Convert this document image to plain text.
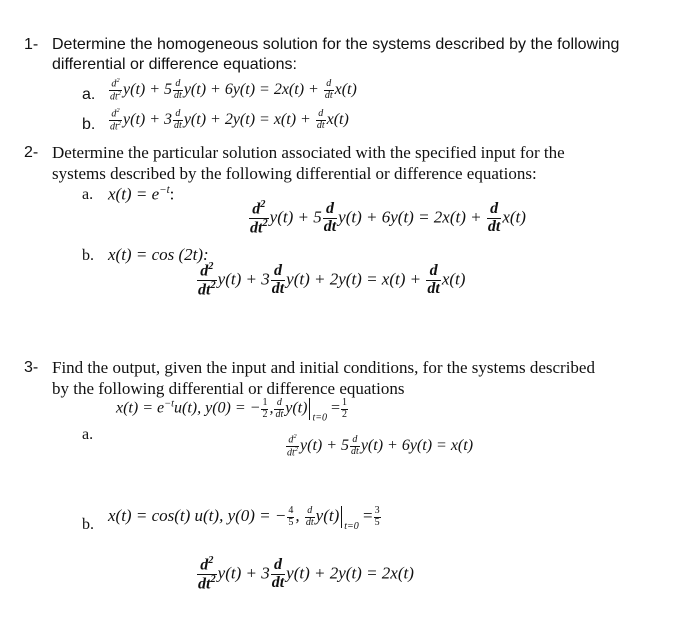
1- Determine the homogeneous solution for the systems described by the following
differential or difference equations:
a. $\frac{d^2}{dt^2} y(t) + 5 \frac{d}{dt} y(t) + 6y(t) = 2x(t) + \frac{d}{dt} x(t)$
b. $\frac{d^2}{dt^2} y(t) + 3 \frac{d}{dt} y(t) + 2y(t) = x(t) + \frac{d}{dt} x(t)$
2- Determine the particular solution associated with the specified input for the
systems described by the following differential or difference equations:
a. $x(t) = e^{-t}$:
$\frac{d^2}{dt^2} y(t) + 5 \frac{d}{dt} y(t) + 6y(t) = 2x(t) + \frac{d}{dt} x(t)$
b. x(t) = cos (2t):
$\frac{d^2}{dt^2} y(t) + 3 \frac{d}{dt} y(t) + 2y(t) = x(t) + \frac{d}{dt} x(t)$
3- Find the output, given the input and initial conditions, for the systems described
by the following differential or difference equations
$x(t) = e^{-t}u(t)$, y(0) = − $\frac{1}{2}$ , $\frac{d}{dt} y(t)_{t=0} = \frac{1}{2}$
a.	$\frac{d^2}{dt^2} y(t) + 5 \frac{d}{dt} y(t) + 6y(t) = x(t)$
b. x(t) = cos(t) u(t), y(0) = − $\frac{4}{5}$ , $\frac{d}{dt} y(t)_{t=0} = \frac{3}{5}$
$\frac{d^2}{dt^2} y(t) + 3 \frac{d}{dt} y(t) + 2y(t) = 2x(t)$
